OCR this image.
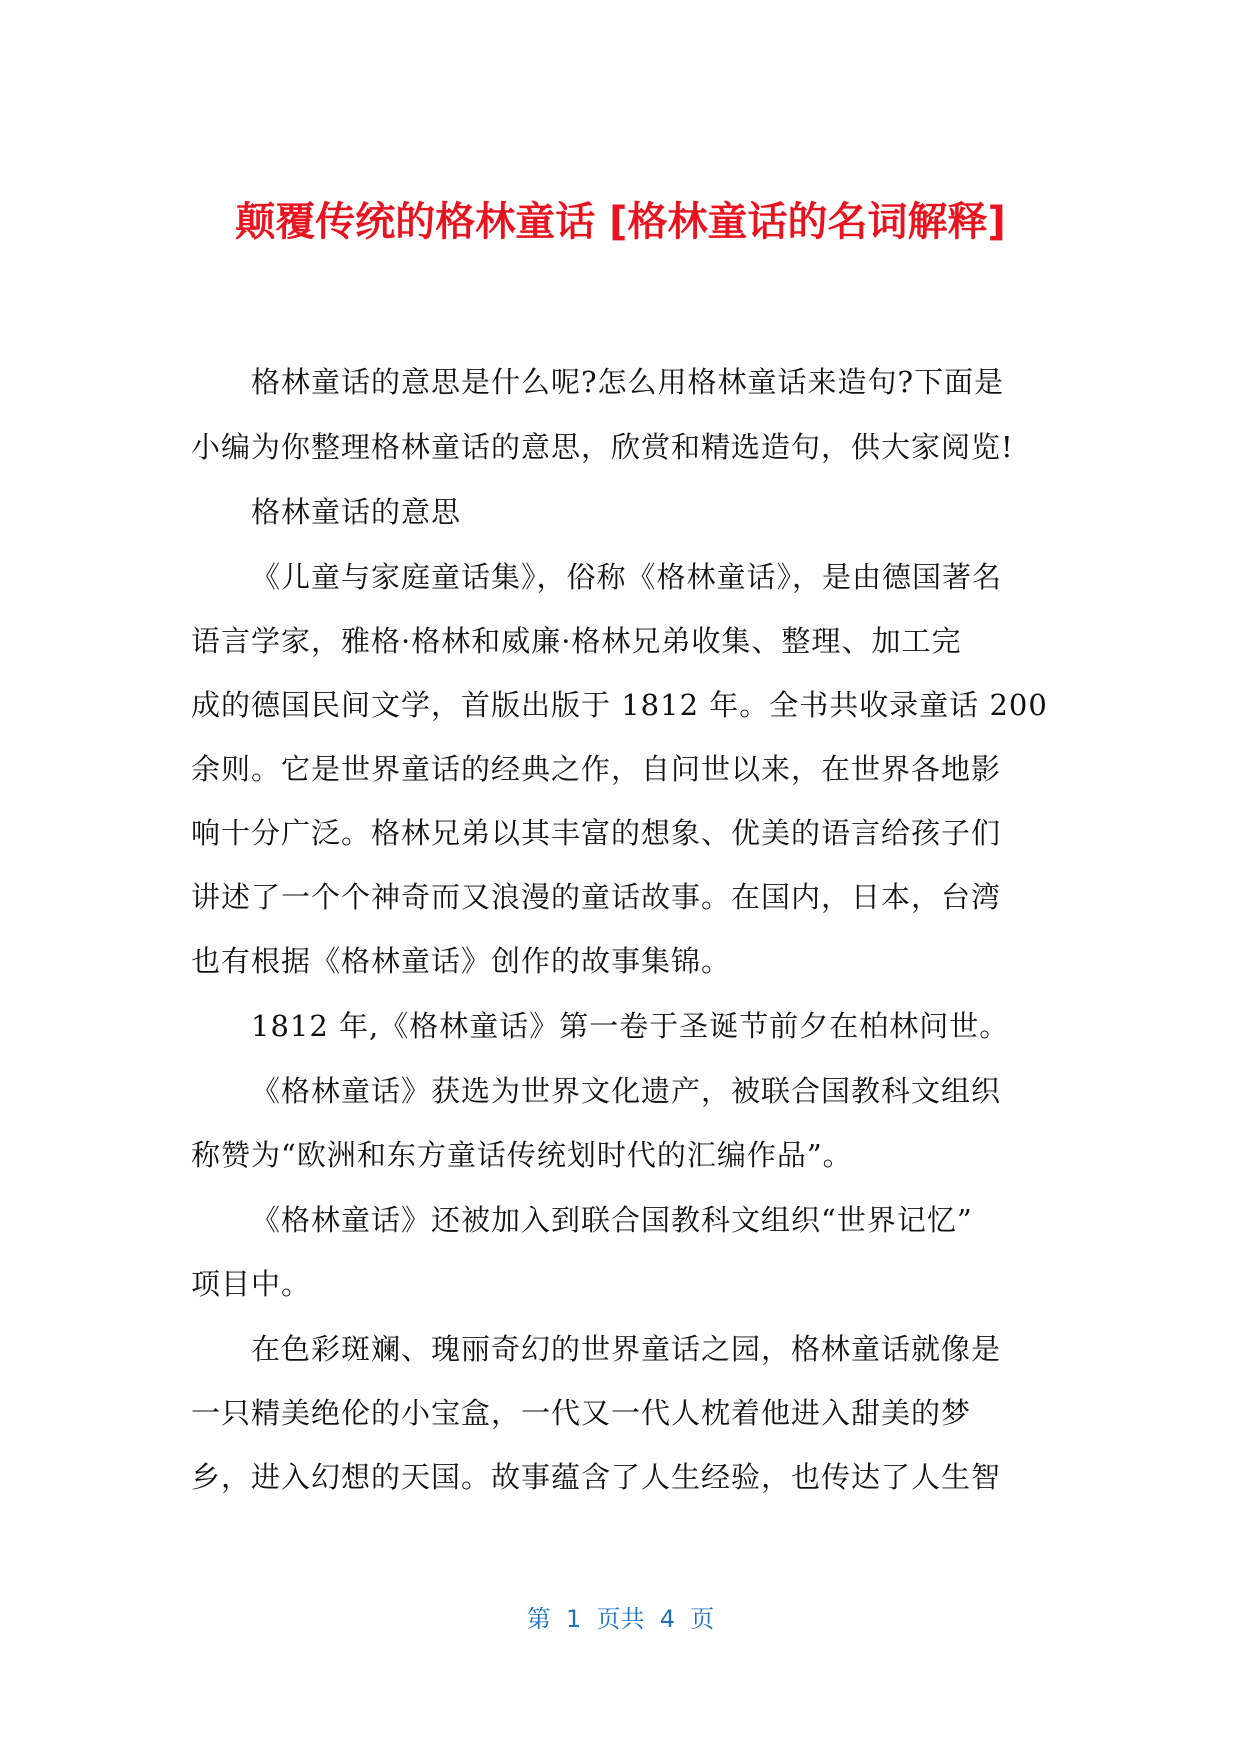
颠覆传统的格林童话 [格林童话的名词解释]
格林童话的意思是什么呢?怎么用格林童话来造句?下面是
小编为你整理格林童话的意思，欣赏和精选造句，供大家阅览!
格林童话的意思
《儿童与家庭童话集》，俗称《格林童话》，是由德国著名
语言学家，雅格·格林和威廉·格林兄弟收集、整理、加工完
成的德国民间文学，首版出版于 1812 年。全书共收录童话 200
余则。它是世界童话的经典之作，自问世以来，在世界各地影
响十分广泛。格林兄弟以其丰富的想象、优美的语言给孩子们
讲述了一个个神奇而又浪漫的童话故事。在国内，日本，台湾
也有根据《格林童话》创作的故事集锦。
1812 年,《格林童话》第一卷于圣诞节前夕在柏林问世。
《格林童话》获选为世界文化遗产，被联合国教科文组织
称赞为“欧洲和东方童话传统划时代的汇编作品”。
《格林童话》还被加入到联合国教科文组织“世界记忆”
项目中。
在色彩斑斓、瑰丽奇幻的世界童话之园，格林童话就像是
一只精美绝伦的小宝盒，一代又一代人枕着他进入甜美的梦
乡，进入幻想的天国。故事蕴含了人生经验，也传达了人生智
第  1  页共  4  页
